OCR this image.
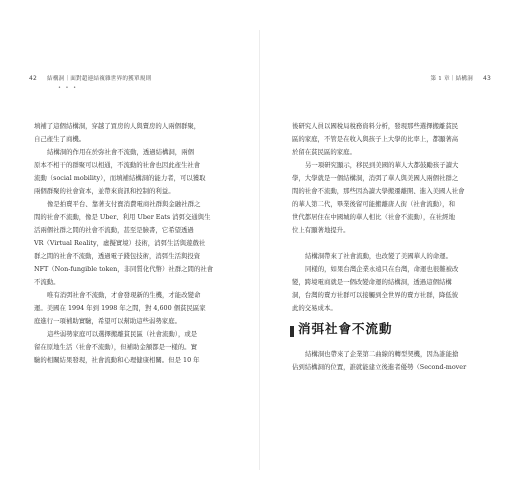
42 結構洞｜面對超連結複雜世界的獲單規則
• • •
填補了這個結構洞，穿越了買房的人與賣房的人兩個群聚，
自己產生了商機。
結構洞的作用在於弥社會不流動，透過結構洞，兩個
原本不相干的群聚可以相通，不流動的社會也因此產生社會
流動（social mobility），而填補結構洞的能力者，可以獲取
兩個群聚的社會資本，並帶來資訊和控制的利益。
像是拍賣平台、靠著支付寶消費電商社群與金融社群之
間的社會不流動，像是 Uber、利用 Uber Eats 消弭交通與生
活兩個社群之間的社會不流動，甚至是臉書，它希望透過
VR（Virtual Reality，虛擬實境）技術，消弭生活與遊戲社
群之間的社會不流動，透過電子錢包技術，消弭生活與投資
NFT（Non-fungible token，非同質化代幣）社群之間的社會
不流動。
唯有消弭社會不流動，才會發現新的生機，才能改變命
運。美國在 1994 年到 1998 年之間，對 4,600 個貧民區家
庭進行一項補助實驗，希望可以幫助這些弱勢家庭。
這些弱勢家庭可以選擇搬離貧民區（社會流動），或是
留在原地生活（社會不流動），但補助金額都是一樣的。實
驗的相關結果發現，社會流動和心理健康相關。但是 10 年
第 1 章｜結構洞 43
後研究人員以國稅局稅務資料分析，發現那些選擇搬離貧民
區的家庭，不管是在收入與孩子上大學的比率上，都顯著高
於留在貧民區的家庭。
另一項研究顯示，移民到美國的華人大都鼓勵孩子讀大
學，大學就是一個結構洞，消弭了華人與美國人兩個社群之
間的社會不流動，那些因為讀大學搬遷離開、進入美國人社會
的華人第二代，畢業後留可能搬離唐人街（社會流動），和
世代都居住在中國城的華人相比（社會不流動），在社經地
位上有顯著地提升。
結構洞帶來了社會流動，也改變了美國華人的命運。
同樣的，如果台灣企業永遠只在台灣，命運也很難被改
變，跨境電商就是一個改變命運的結構洞，透過這個結構
洞，台灣的賣方社群可以接觸到全世界的賣方社群，降低彼
此的交易成本。
消弭社會不流動
結構洞也帶來了企業第二曲線的轉型契機，因為誰能搶
佔到結構洞的位置，誰就能建立後進者優勢（Second-mover
